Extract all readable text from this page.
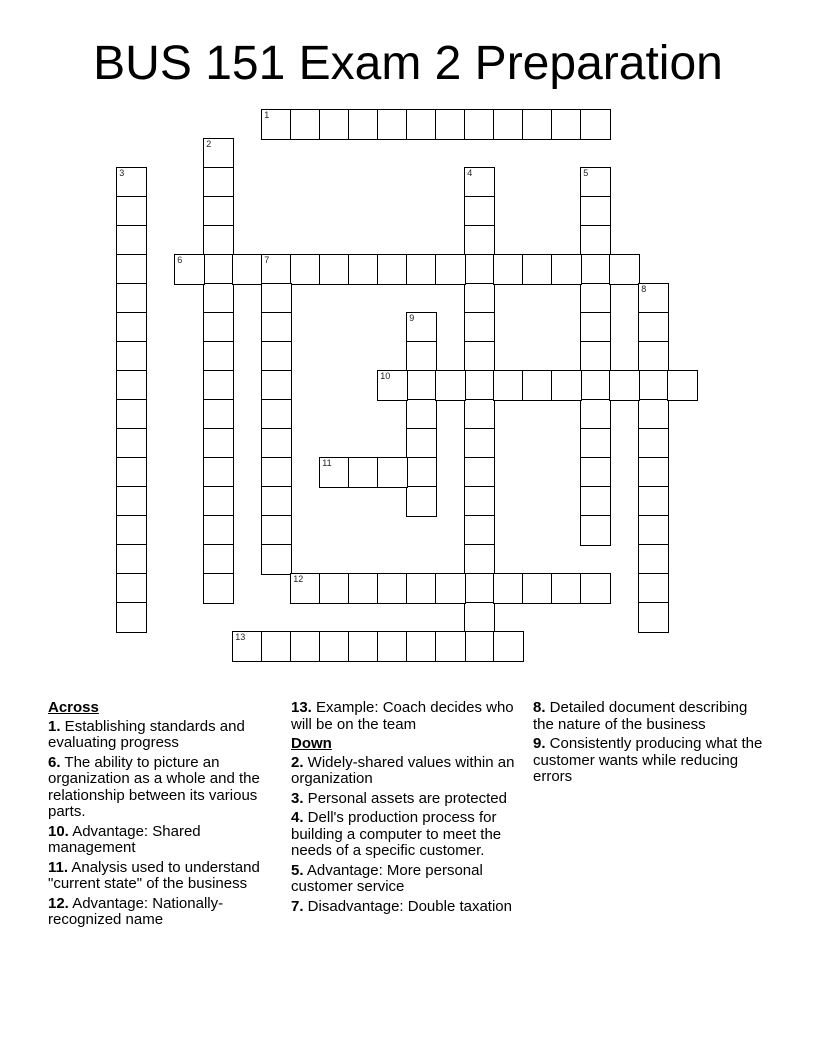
BUS 151 Exam 2 Preparation
1
2
3	4	5
6	7
8
9
10
11
12
13
Across
1. Establishing standards and evaluating progress
6. The ability to picture an organization as a whole and the relationship between its various parts.
10. Advantage: Shared management
11. Analysis used to understand "current state" of the business
12. Advantage: Nationally-recognized name
13. Example: Coach decides who will be on the team
Down
2. Widely-shared values within an organization
3. Personal assets are protected
4. Dell's production process for building a computer to meet the needs of a specific customer.
5. Advantage: More personal customer service
7. Disadvantage: Double taxation
8. Detailed document describing the nature of the business
9. Consistently producing what the customer wants while reducing errors
